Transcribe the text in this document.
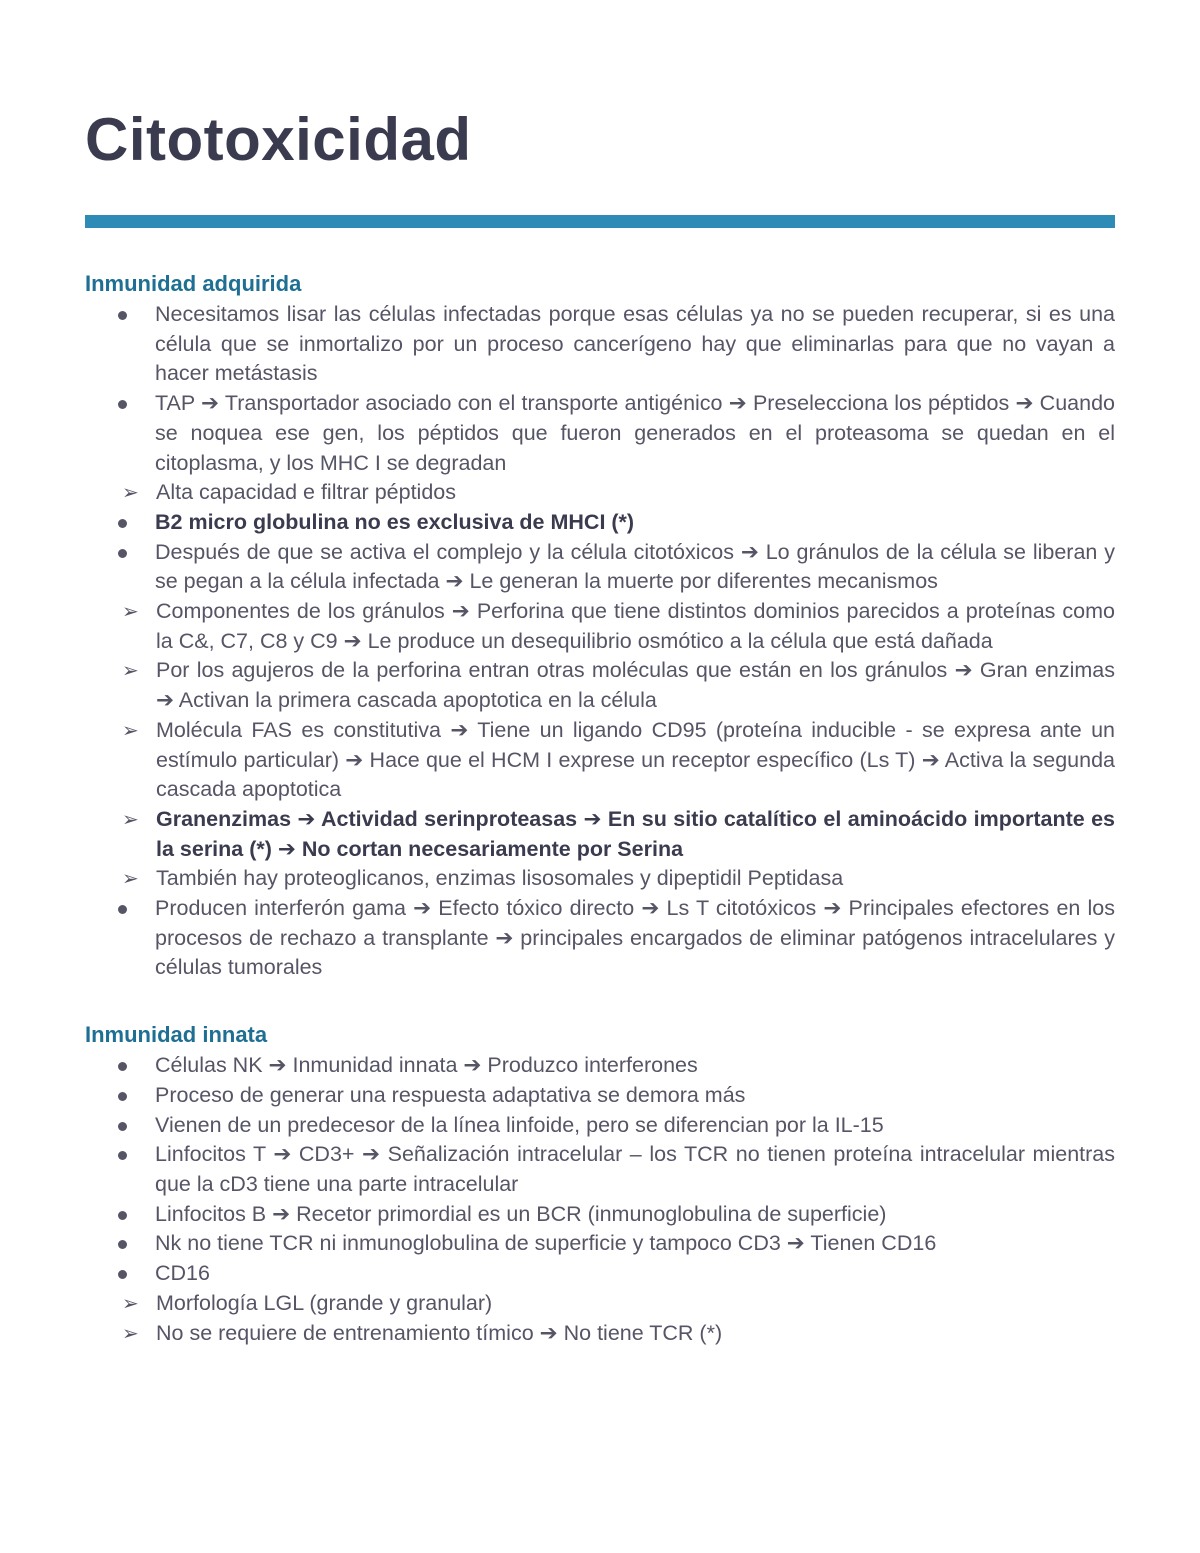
Citotoxicidad
Inmunidad adquirida
Necesitamos lisar las células infectadas porque esas células ya no se pueden recuperar, si es una célula que se inmortalizo por un proceso cancerígeno hay que eliminarlas para que no vayan a hacer metástasis
TAP ➔ Transportador asociado con el transporte antigénico ➔ Preselecciona los péptidos ➔ Cuando se noquea ese gen, los péptidos que fueron generados en el proteasoma se quedan en el citoplasma, y los MHC I se degradan
➢ Alta capacidad e filtrar péptidos
B2 micro globulina no es exclusiva de MHCI (*)
Después de que se activa el complejo y la célula citotóxicos ➔ Lo gránulos de la célula se liberan y se pegan a la célula infectada ➔ Le generan la muerte por diferentes mecanismos
➢ Componentes de los gránulos ➔ Perforina que tiene distintos dominios parecidos a proteínas como la C&, C7, C8 y C9 ➔ Le produce un desequilibrio osmótico a la célula que está dañada
➢ Por los agujeros de la perforina entran otras moléculas que están en los gránulos ➔ Gran enzimas ➔ Activan la primera cascada apoptotica en la célula
➢ Molécula FAS es constitutiva ➔ Tiene un ligando CD95 (proteína inducible - se expresa ante un estímulo particular) ➔ Hace que el HCM I exprese un receptor específico (Ls T) ➔ Activa la segunda cascada apoptotica
➢ Granenzimas ➔ Actividad serinproteasas ➔ En su sitio catalítico el aminoácido importante es la serina (*) ➔ No cortan necesariamente por Serina
➢ También hay proteoglicanos, enzimas lisosomales y dipeptidil Peptidasa
Producen interferón gama ➔ Efecto tóxico directo ➔ Ls T citotóxicos ➔ Principales efectores en los procesos de rechazo a transplante ➔ principales encargados de eliminar patógenos intracelulares y células tumorales
Inmunidad innata
Células NK ➔ Inmunidad innata ➔ Produzco interferones
Proceso de generar una respuesta adaptativa se demora más
Vienen de un predecesor de la línea linfoide, pero se diferencian por la IL-15
Linfocitos T ➔ CD3+ ➔ Señalización intracelular – los TCR no tienen proteína intracelular mientras que la cD3 tiene una parte intracelular
Linfocitos B ➔ Recetor primordial es un BCR (inmunoglobulina de superficie)
Nk no tiene TCR ni inmunoglobulina de superficie y tampoco CD3 ➔ Tienen CD16
CD16
➢ Morfología LGL (grande y granular)
➢ No se requiere de entrenamiento tímico ➔ No tiene TCR (*)
